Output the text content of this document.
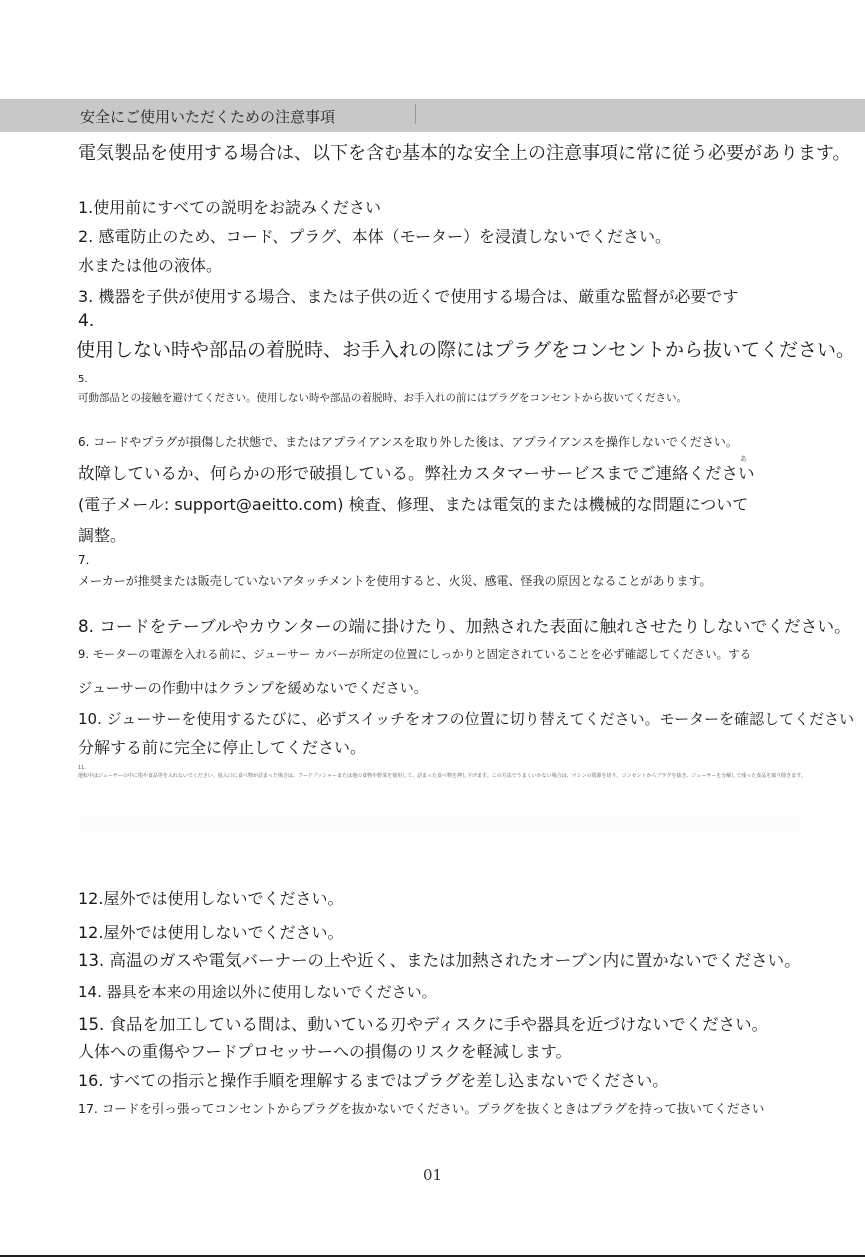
安全にご使用いただくための注意事項
電気製品を使用する場合は、以下を含む基本的な安全上の注意事項に常に従う必要があります。
1.使用前にすべての説明をお読みください
2. 感電防止のため、コード、プラグ、本体（モーター）を浸漬しないでください。
水または他の液体。
3. 機器を子供が使用する場合、または子供の近くで使用する場合は、厳重な監督が必要です
4.
使用しない時や部品の着脱時、お手入れの際にはプラグをコンセントから抜いてください。
5.
可動部品との接触を避けてください。使用しない時や部品の着脱時、お手入れの前にはプラグをコンセントから抜いてください。
6. コードやプラグが損傷した状態で、またはアプライアンスを取り外した後は、アプライアンスを操作しないでください。
あ
故障しているか、何らかの形で破損している。弊社カスタマーサービスまでご連絡ください
(電子メール: support@aeitto.com) 検査、修理、または電気的または機械的な問題について
調整。
7.
メーカーが推奨または販売していないアタッチメントを使用すると、火災、感電、怪我の原因となることがあります。
8. コードをテーブルやカウンターの端に掛けたり、加熱された表面に触れさせたりしないでください。
9. モーターの電源を入れる前に、ジューサー カバーが所定の位置にしっかりと固定されていることを必ず確認してください。する
ジューサーの作動中はクランプを緩めないでください。
10. ジューサーを使用するたびに、必ずスイッチをオフの位置に切り替えてください。モーターを確認してください
分解する前に完全に停止してください。
11.
運転中はジューサーの中に指や食品等を入れないでください。投入口に食べ物が詰まった場合は、フードプッシャーまたは他の食物や野菜を使用して、詰まった食べ物を押し下げます。この方法でうまくいかない場合は、マシンの電源を切り、コンセントからプラグを抜き、ジューサーを分解して残った食品を取り除きます。
12.屋外では使用しないでください。
12.屋外では使用しないでください。
13. 高温のガスや電気バーナーの上や近く、または加熱されたオーブン内に置かないでください。
14. 器具を本来の用途以外に使用しないでください。
15. 食品を加工している間は、動いている刃やディスクに手や器具を近づけないでください。
人体への重傷やフードプロセッサーへの損傷のリスクを軽減します。
16. すべての指示と操作手順を理解するまではプラグを差し込まないでください。
17. コードを引っ張ってコンセントからプラグを抜かないでください。プラグを抜くときはプラグを持って抜いてください
01
